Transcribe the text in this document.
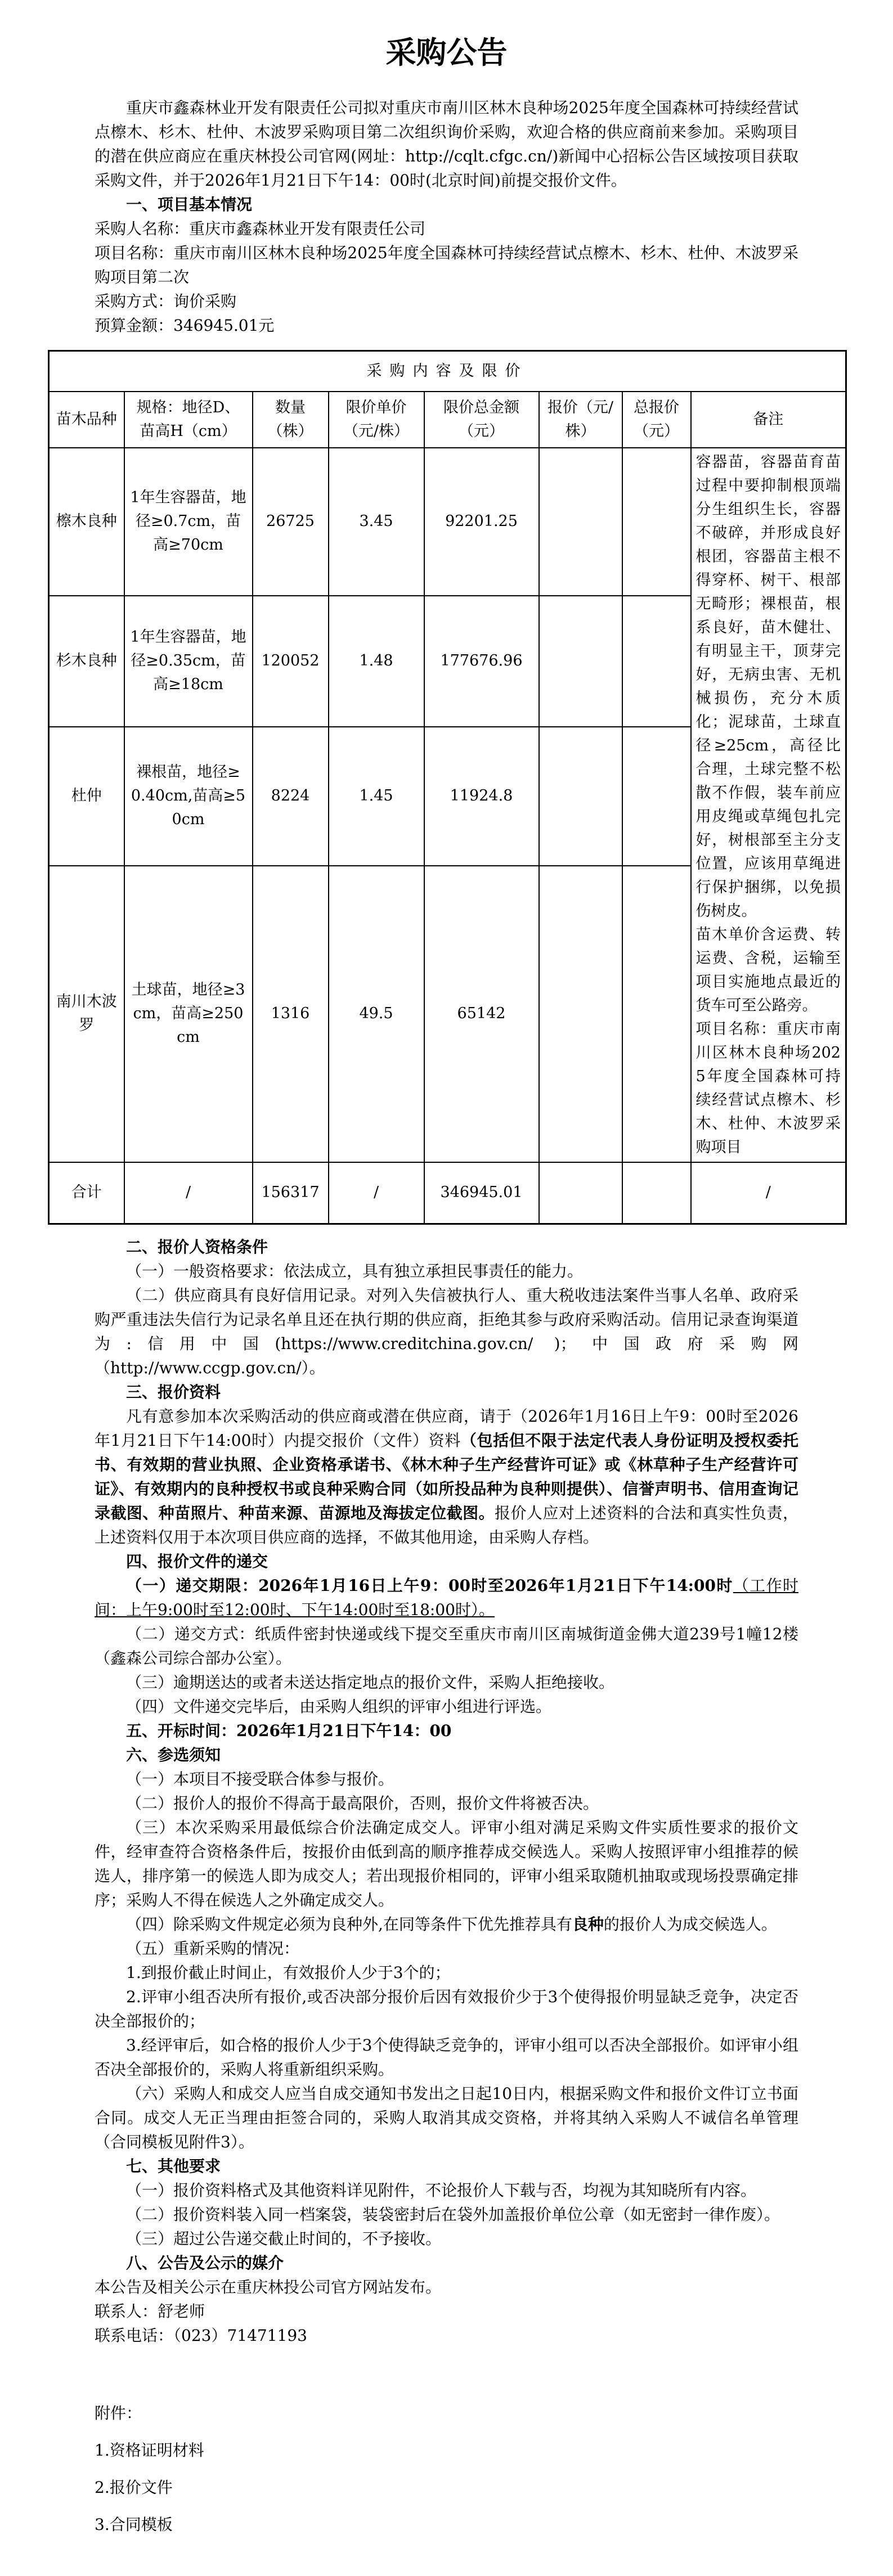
采购公告

重庆市鑫森林业开发有限责任公司拟对重庆市南川区林木良种场2025年度全国森林可持续经营试点檫木、杉木、杜仲、木波罗采购项目第二次组织询价采购，欢迎合格的供应商前来参加。采购项目的潜在供应商应在重庆林投公司官网(网址：http://cqlt.cfgc.cn/)新闻中心招标公告区域按项目获取采购文件，并于2026年1月21日下午14：00时(北京时间)前提交报价文件。

一、项目基本情况

采购人名称：重庆市鑫森林业开发有限责任公司

项目名称：重庆市南川区林木良种场2025年度全国森林可持续经营试点檫木、杉木、杜仲、木波罗采购项目第二次

采购方式：询价采购

预算金额：346945.01元

采购内容及限价							
苗木品种	规格：地径D、苗高H（cm）	数量（株）	限价单价（元/株）	限价总金额（元）	报价（元/株）	总报价（元）	备注
檫木良种	1年生容器苗，地径≥0.7cm，苗高≥70cm	26725	3.45	92201.25			容器苗，容器苗育苗过程中要抑制根顶端分生组织生长，容器不破碎，并形成良好根团，容器苗主根不得穿杯、树干、根部无畸形；裸根苗，根系良好，苗木健壮、有明显主干，顶芽完好，无病虫害、无机械损伤，充分木质化；泥球苗，土球直径≥25cm，高径比合理，土球完整不松散不作假，装车前应用皮绳或草绳包扎完好，树根部至主分支位置，应该用草绳进行保护捆绑，以免损伤树皮。

苗木单价含运费、转运费、含税，运输至项目实施地点最近的货车可至公路旁。

项目名称：重庆市南川区林木良种场2025年度全国森林可持续经营试点檫木、杉木、杜仲、木波罗采购项目

杉木良种	1年生容器苗，地径≥0.35cm，苗高≥18cm	120052	1.48	177676.96			
杜仲	裸根苗，地径≥0.40cm,苗高≥50cm	8224	1.45	11924.8			
南川木波罗	土球苗，地径≥3cm，苗高≥250cm	1316	49.5	65142			
合计	/	156317	/	346945.01			/

二、报价人资格条件

（一）一般资格要求：依法成立，具有独立承担民事责任的能力。

（二）供应商具有良好信用记录。对列入失信被执行人、重大税收违法案件当事人名单、政府采购严重违法失信行为记录名单且还在执行期的供应商，拒绝其参与政府采购活动。信用记录查询渠道为:信用中国(https://www.creditchina.gov.cn/ )；中国政府采购网（http://www.ccgp.gov.cn/）。

三、报价资料

凡有意参加本次采购活动的供应商或潜在供应商，请于（2026年1月16日上午9：00时至2026年1月21日下午14:00时）内提交报价（文件）资料（包括但不限于法定代表人身份证明及授权委托书、有效期的营业执照、企业资格承诺书、《林木种子生产经营许可证》或《林草种子生产经营许可证》、有效期内的良种授权书或良种采购合同（如所投品种为良种则提供）、信誉声明书、信用查询记录截图、种苗照片、种苗来源、苗源地及海拔定位截图。报价人应对上述资料的合法和真实性负责，上述资料仅用于本次项目供应商的选择，不做其他用途，由采购人存档。

四、报价文件的递交

（一）递交期限：2026年1月16日上午9：00时至2026年1月21日下午14:00时（工作时间：上午9:00时至12:00时、下午14:00时至18:00时）。

（二）递交方式：纸质件密封快递或线下提交至重庆市南川区南城街道金佛大道239号1幢12楼（鑫森公司综合部办公室）。

（三）逾期送达的或者未送达指定地点的报价文件，采购人拒绝接收。

（四）文件递交完毕后，由采购人组织的评审小组进行评选。

五、开标时间：2026年1月21日下午14：00

六、参选须知

（一）本项目不接受联合体参与报价。

（二）报价人的报价不得高于最高限价，否则，报价文件将被否决。

（三）本次采购采用最低综合价法确定成交人。评审小组对满足采购文件实质性要求的报价文件，经审查符合资格条件后，按报价由低到高的顺序推荐成交候选人。采购人按照评审小组推荐的候选人，排序第一的候选人即为成交人；若出现报价相同的，评审小组采取随机抽取或现场投票确定排序；采购人不得在候选人之外确定成交人。

（四）除采购文件规定必须为良种外,在同等条件下优先推荐具有良种的报价人为成交候选人。

（五）重新采购的情况：

1.到报价截止时间止，有效报价人少于3个的；

2.评审小组否决所有报价,或否决部分报价后因有效报价少于3个使得报价明显缺乏竞争，决定否决全部报价的；

3.经评审后，如合格的报价人少于3个使得缺乏竞争的，评审小组可以否决全部报价。如评审小组否决全部报价的，采购人将重新组织采购。

（六）采购人和成交人应当自成交通知书发出之日起10日内，根据采购文件和报价文件订立书面合同。成交人无正当理由拒签合同的，采购人取消其成交资格，并将其纳入采购人不诚信名单管理（合同模板见附件3）。

七、其他要求

（一）报价资料格式及其他资料详见附件，不论报价人下载与否，均视为其知晓所有内容。

（二）报价资料装入同一档案袋，装袋密封后在袋外加盖报价单位公章（如无密封一律作废）。

（三）超过公告递交截止时间的，不予接收。

八、公告及公示的媒介

本公告及相关公示在重庆林投公司官方网站发布。

联系人：舒老师

联系电话：（023）71471193

附件：

1.资格证明材料

2.报价文件

3.合同模板
